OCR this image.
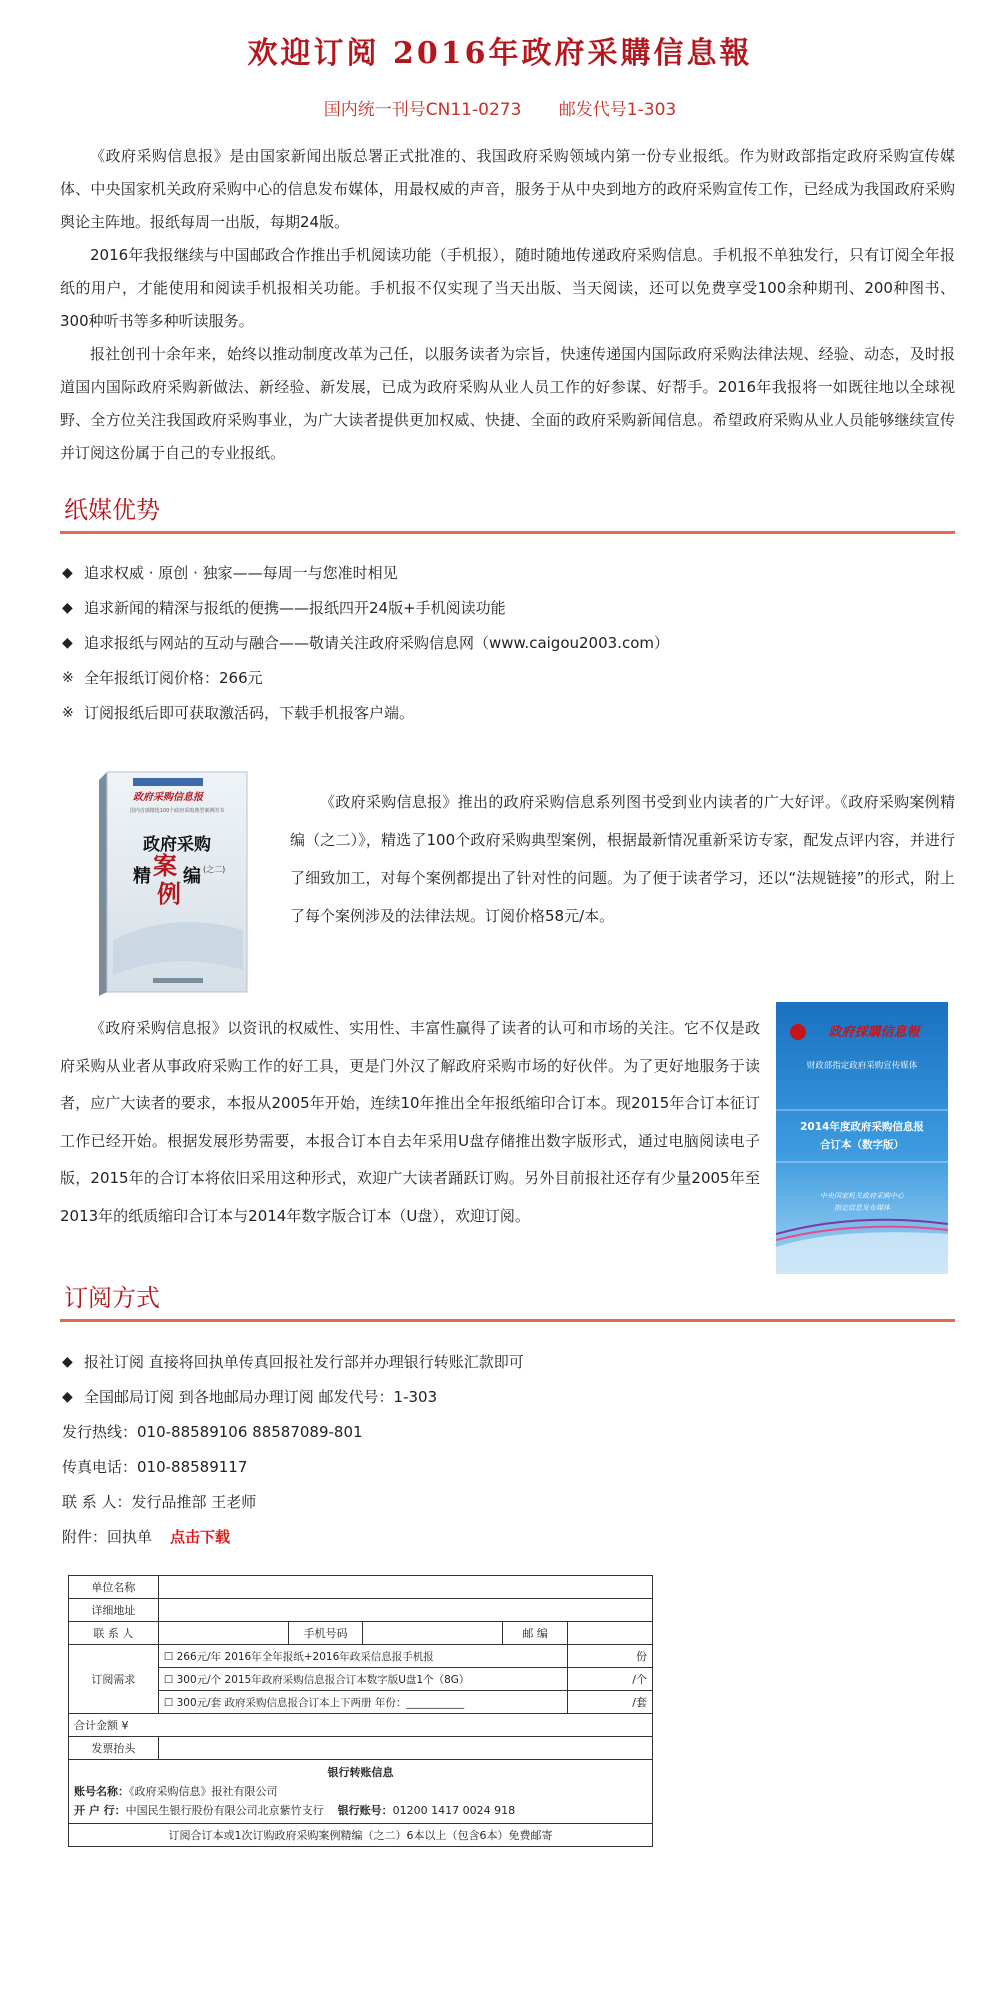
欢迎订阅 2016年政府采購信息報
国内统一刊号CN11-0273 邮发代号1-303

《政府采购信息报》是由国家新闻出版总署正式批准的、我国政府采购领域内第一份专业报纸。作为财政部指定政府采购宣传媒体、中央国家机关政府采购中心的信息发布媒体，用最权威的声音，服务于从中央到地方的政府采购宣传工作，已经成为我国政府采购舆论主阵地。报纸每周一出版，每期24版。

2016年我报继续与中国邮政合作推出手机阅读功能（手机报），随时随地传递政府采购信息。手机报不单独发行，只有订阅全年报纸的用户，才能使用和阅读手机报相关功能。手机报不仅实现了当天出版、当天阅读，还可以免费享受100余种期刊、200种图书、300种听书等多种听读服务。

报社创刊十余年来，始终以推动制度改革为己任，以服务读者为宗旨，快速传递国内国际政府采购法律法规、经验、动态，及时报道国内国际政府采购新做法、新经验、新发展，已成为政府采购从业人员工作的好参谋、好帮手。2016年我报将一如既往地以全球视野、全方位关注我国政府采购事业，为广大读者提供更加权威、快捷、全面的政府采购新闻信息。希望政府采购从业人员能够继续宣传并订阅这份属于自己的专业报纸。

纸媒优势
◆ 追求权威 · 原创 · 独家——每周一与您准时相见
◆ 追求新闻的精深与报纸的便携——报纸四开24版+手机阅读功能
◆ 追求报纸与网站的互动与融合——敬请关注政府采购信息网（www.caigou2003.com）
※ 全年报纸订阅价格：266元
※ 订阅报纸后即可获取激活码，下载手机报客户端。
政府采购信息报
国内首部精选100个政府采购典型案例的书
政府采购
精 案 编
例
(之二)

《政府采购信息报》推出的政府采购信息系列图书受到业内读者的广大好评。《政府采购案例精编（之二）》，精选了100个政府采购典型案例，根据最新情况重新采访专家，配发点评内容，并进行了细致加工，对每个案例都提出了针对性的问题。为了便于读者学习，还以“法规链接”的形式，附上了每个案例涉及的法律法规。订阅价格58元/本。

《政府采购信息报》以资讯的权威性、实用性、丰富性赢得了读者的认可和市场的关注。它不仅是政府采购从业者从事政府采购工作的好工具，更是门外汉了解政府采购市场的好伙伴。为了更好地服务于读者，应广大读者的要求，本报从2005年开始，连续10年推出全年报纸缩印合订本。现2015年合订本征订工作已经开始。根据发展形势需要，本报合订本自去年采用U盘存储推出数字版形式，通过电脑阅读电子版，2015年的合订本将依旧采用这种形式，欢迎广大读者踊跃订购。另外目前报社还存有少量2005年至2013年的纸质缩印合订本与2014年数字版合订本（U盘），欢迎订阅。

政府採購信息報
财政部指定政府采购宣传媒体
2014年度政府采购信息报
合订本（数字版）
中央国家机关政府采购中心
指定信息发布媒体
订阅方式
◆ 报社订阅 直接将回执单传真回报社发行部并办理银行转账汇款即可
◆ 全国邮局订阅 到各地邮局办理订阅 邮发代号：1-303
发行热线：010-88589106 88587089-801
传真电话：010-88589117
联 系 人：发行品推部 王老师
附件：回执单 点击下载
单位名称					
详细地址					
联 系 人		手机号码		邮 编	
订阅需求	☐ 266元/年 2016年全年报纸+2016年政采信息报手机报				份
	☐ 300元/个 2015年政府采购信息报合订本数字版U盘1个（8G）				/个
	☐ 300元/套 政府采购信息报合订本上下两册 年份：___________				/套
合计金额 ¥					
发票抬头					

银行转账信息
账号名称：《政府采购信息》报社有限公司
开 户 行：中国民生银行股份有限公司北京紫竹支行 银行账号：01200 1417 0024 918					

订阅合订本或1次订购政府采购案例精编（之二）6本以上（包含6本）免费邮寄					
